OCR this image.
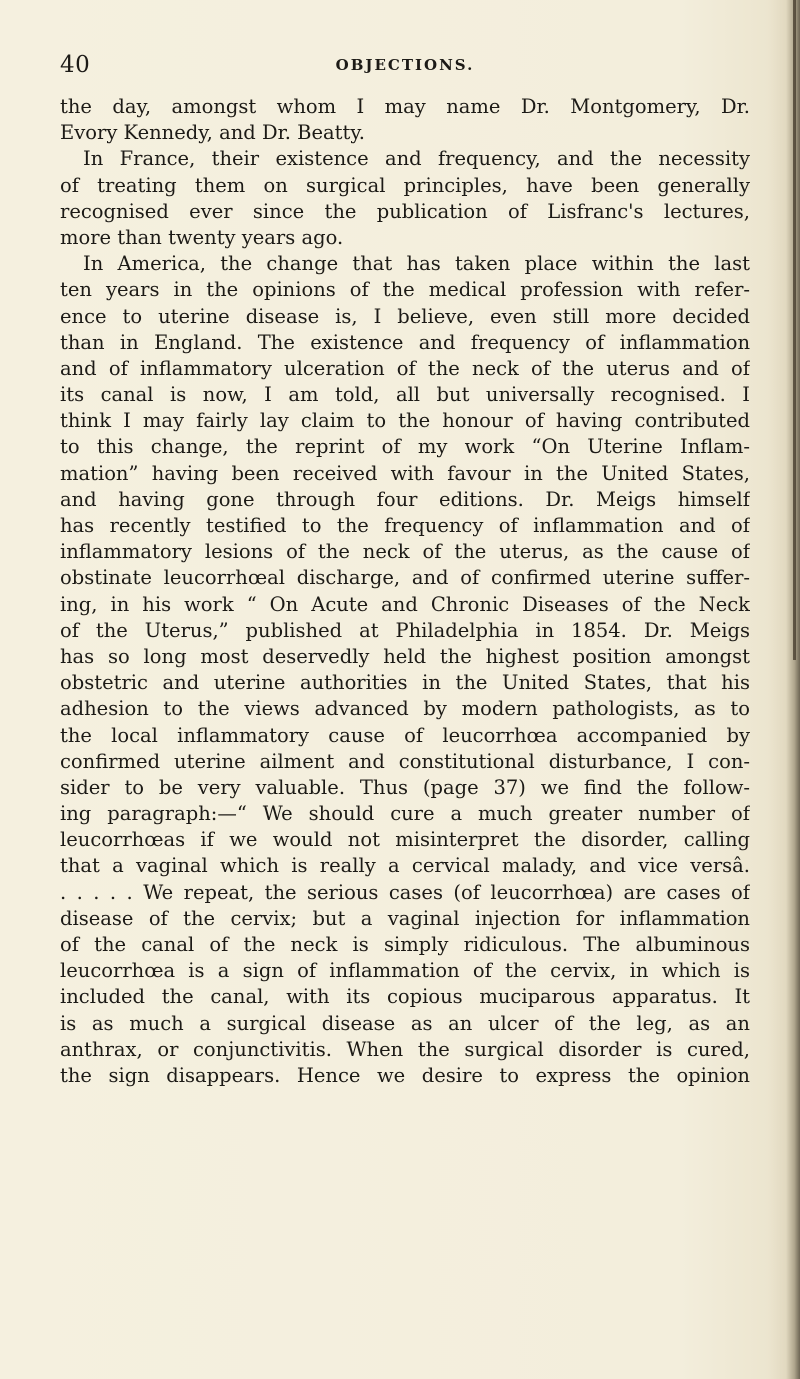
40	OBJECTIONS.
the day, amongst whom I may name Dr. Montgomery, Dr.
Evory Kennedy, and Dr. Beatty.
In France, their existence and frequency, and the necessity
of treating them on surgical principles, have been generally
recognised ever since the publication of Lisfranc's lectures,
more than twenty years ago.
In America, the change that has taken place within the last
ten years in the opinions of the medical profession with refer-
ence to uterine disease is, I believe, even still more decided
than in England. The existence and frequency of inflammation
and of inflammatory ulceration of the neck of the uterus and of
its canal is now, I am told, all but universally recognised. I
think I may fairly lay claim to the honour of having contributed
to this change, the reprint of my work “On Uterine Inflam-
mation” having been received with favour in the United States,
and having gone through four editions. Dr. Meigs himself
has recently testified to the frequency of inflammation and of
inflammatory lesions of the neck of the uterus, as the cause of
obstinate leucorrhœal discharge, and of confirmed uterine suffer-
ing, in his work “ On Acute and Chronic Diseases of the Neck
of the Uterus,” published at Philadelphia in 1854. Dr. Meigs
has so long most deservedly held the highest position amongst
obstetric and uterine authorities in the United States, that his
adhesion to the views advanced by modern pathologists, as to
the local inflammatory cause of leucorrhœa accompanied by
confirmed uterine ailment and constitutional disturbance, I con-
sider to be very valuable. Thus (page 37) we find the follow-
ing paragraph:—“ We should cure a much greater number of
leucorrhœas if we would not misinterpret the disorder, calling
that a vaginal which is really a cervical malady, and vice versâ.
. . . . . We repeat, the serious cases (of leucorrhœa) are cases of
disease of the cervix; but a vaginal injection for inflammation
of the canal of the neck is simply ridiculous. The albuminous
leucorrhœa is a sign of inflammation of the cervix, in which is
included the canal, with its copious muciparous apparatus. It
is as much a surgical disease as an ulcer of the leg, as an
anthrax, or conjunctivitis. When the surgical disorder is cured,
the sign disappears. Hence we desire to express the opinion
